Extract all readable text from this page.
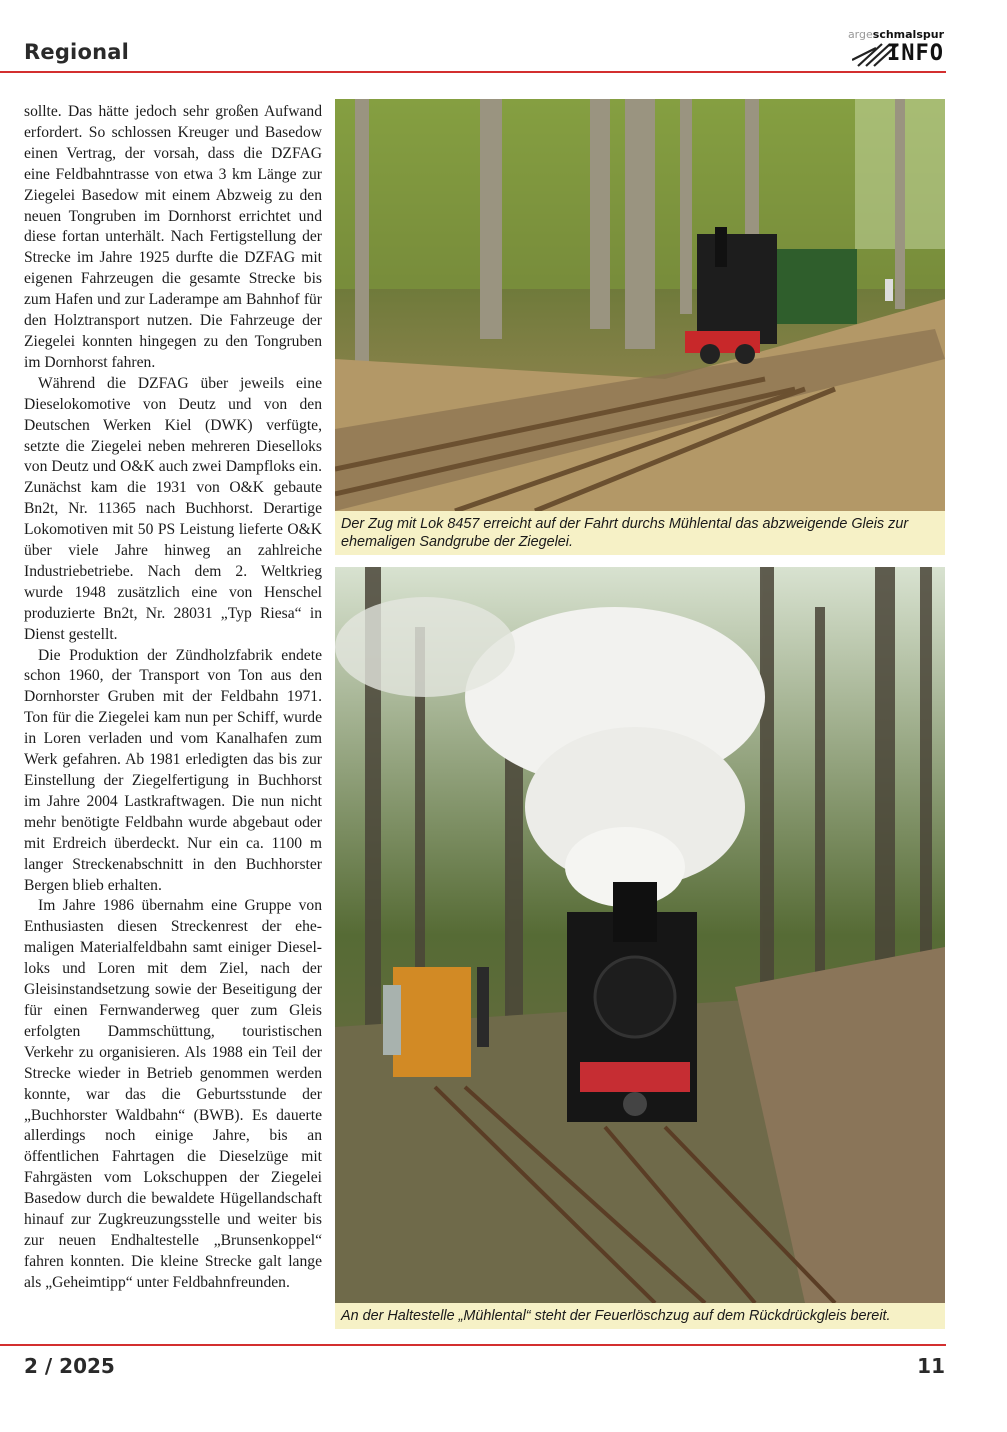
Regional
argeschmalspur
INFO

sollte. Das hätte jedoch sehr großen Aufwand erfordert. So schlossen Kreuger und Basedow einen Vertrag, der vorsah, dass die DZFAG eine Feldbahntrasse von etwa 3 km Länge zur Ziegelei Basedow mit einem Abzweig zu den neuen Tongruben im Dornhorst errichtet und diese fortan unterhält. Nach Fertigstellung der Strecke im Jahre 1925 durfte die DZFAG mit eigenen Fahrzeugen die gesamte Strecke bis zum Hafen und zur Laderampe am Bahnhof für den Holztransport nutzen. Die Fahrzeuge der Ziegelei konnten hingegen zu den Tongruben im Dornhorst fahren.

Während die DZFAG über jeweils eine Dieselokomotive von Deutz und von den Deutschen Werken Kiel (DWK) verfügte, setzte die Ziegelei neben mehreren Dieselloks von Deutz und O&K auch zwei Dampfloks ein. Zunächst kam die 1931 von O&K gebaute Bn2t, Nr. 11365 nach Buchhorst. Derartige Lokomotiven mit 50 PS Leistung lieferte O&K über viele Jahre hinweg an zahlreiche Industriebetriebe. Nach dem 2. Weltkrieg wurde 1948 zusätzlich eine von Henschel produzierte Bn2t, Nr. 28031 „Typ Riesa“ in Dienst gestellt.

Die Produktion der Zündholzfabrik endete schon 1960, der Transport von Ton aus den Dornhorster Gruben mit der Feldbahn 1971. Ton für die Ziegelei kam nun per Schiff, wurde in Loren verladen und vom Kanalhafen zum Werk gefahren. Ab 1981 erledigten das bis zur Einstellung der Ziegelfertigung in Buchhorst im Jahre 2004 Lastkraftwagen. Die nun nicht mehr benötigte Feldbahn wurde abgebaut oder mit Erdreich überdeckt. Nur ein ca. 1100 m langer Streckenabschnitt in den Buchhorster Bergen blieb erhalten.

Im Jahre 1986 übernahm eine Gruppe von Enthusiasten diesen Streckenrest der ehemaligen Materialfeldbahn samt einiger Dieselloks und Loren mit dem Ziel, nach der Gleisinstandsetzung sowie der Beseitigung der für einen Fernwanderweg quer zum Gleis erfolgten Dammschüttung, touristischen Verkehr zu organisieren. Als 1988 ein Teil der Strecke wieder in Betrieb genommen werden konnte, war das die Geburtsstunde der „Buchhorster Waldbahn“ (BWB). Es dauerte allerdings noch einige Jahre, bis an öffentlichen Fahrtagen die Dieselzüge mit Fahrgästen vom Lokschuppen der Ziegelei Basedow durch die bewaldete Hügellandschaft hinauf zur Zugkreuzungsstelle und weiter bis zur neuen Endhaltestelle „Brunsenkoppel“ fahren konnten. Die kleine Strecke galt lange als „Geheimtipp“ unter Feldbahnfreunden.

Der Zug mit Lok 8457 erreicht auf der Fahrt durchs Mühlental das abzweigende Gleis zur ehemaligen Sandgrube der Ziegelei.
An der Haltestelle „Mühlental“ steht der Feuerlöschzug auf dem Rückdrückgleis bereit.
2 / 2025	11
